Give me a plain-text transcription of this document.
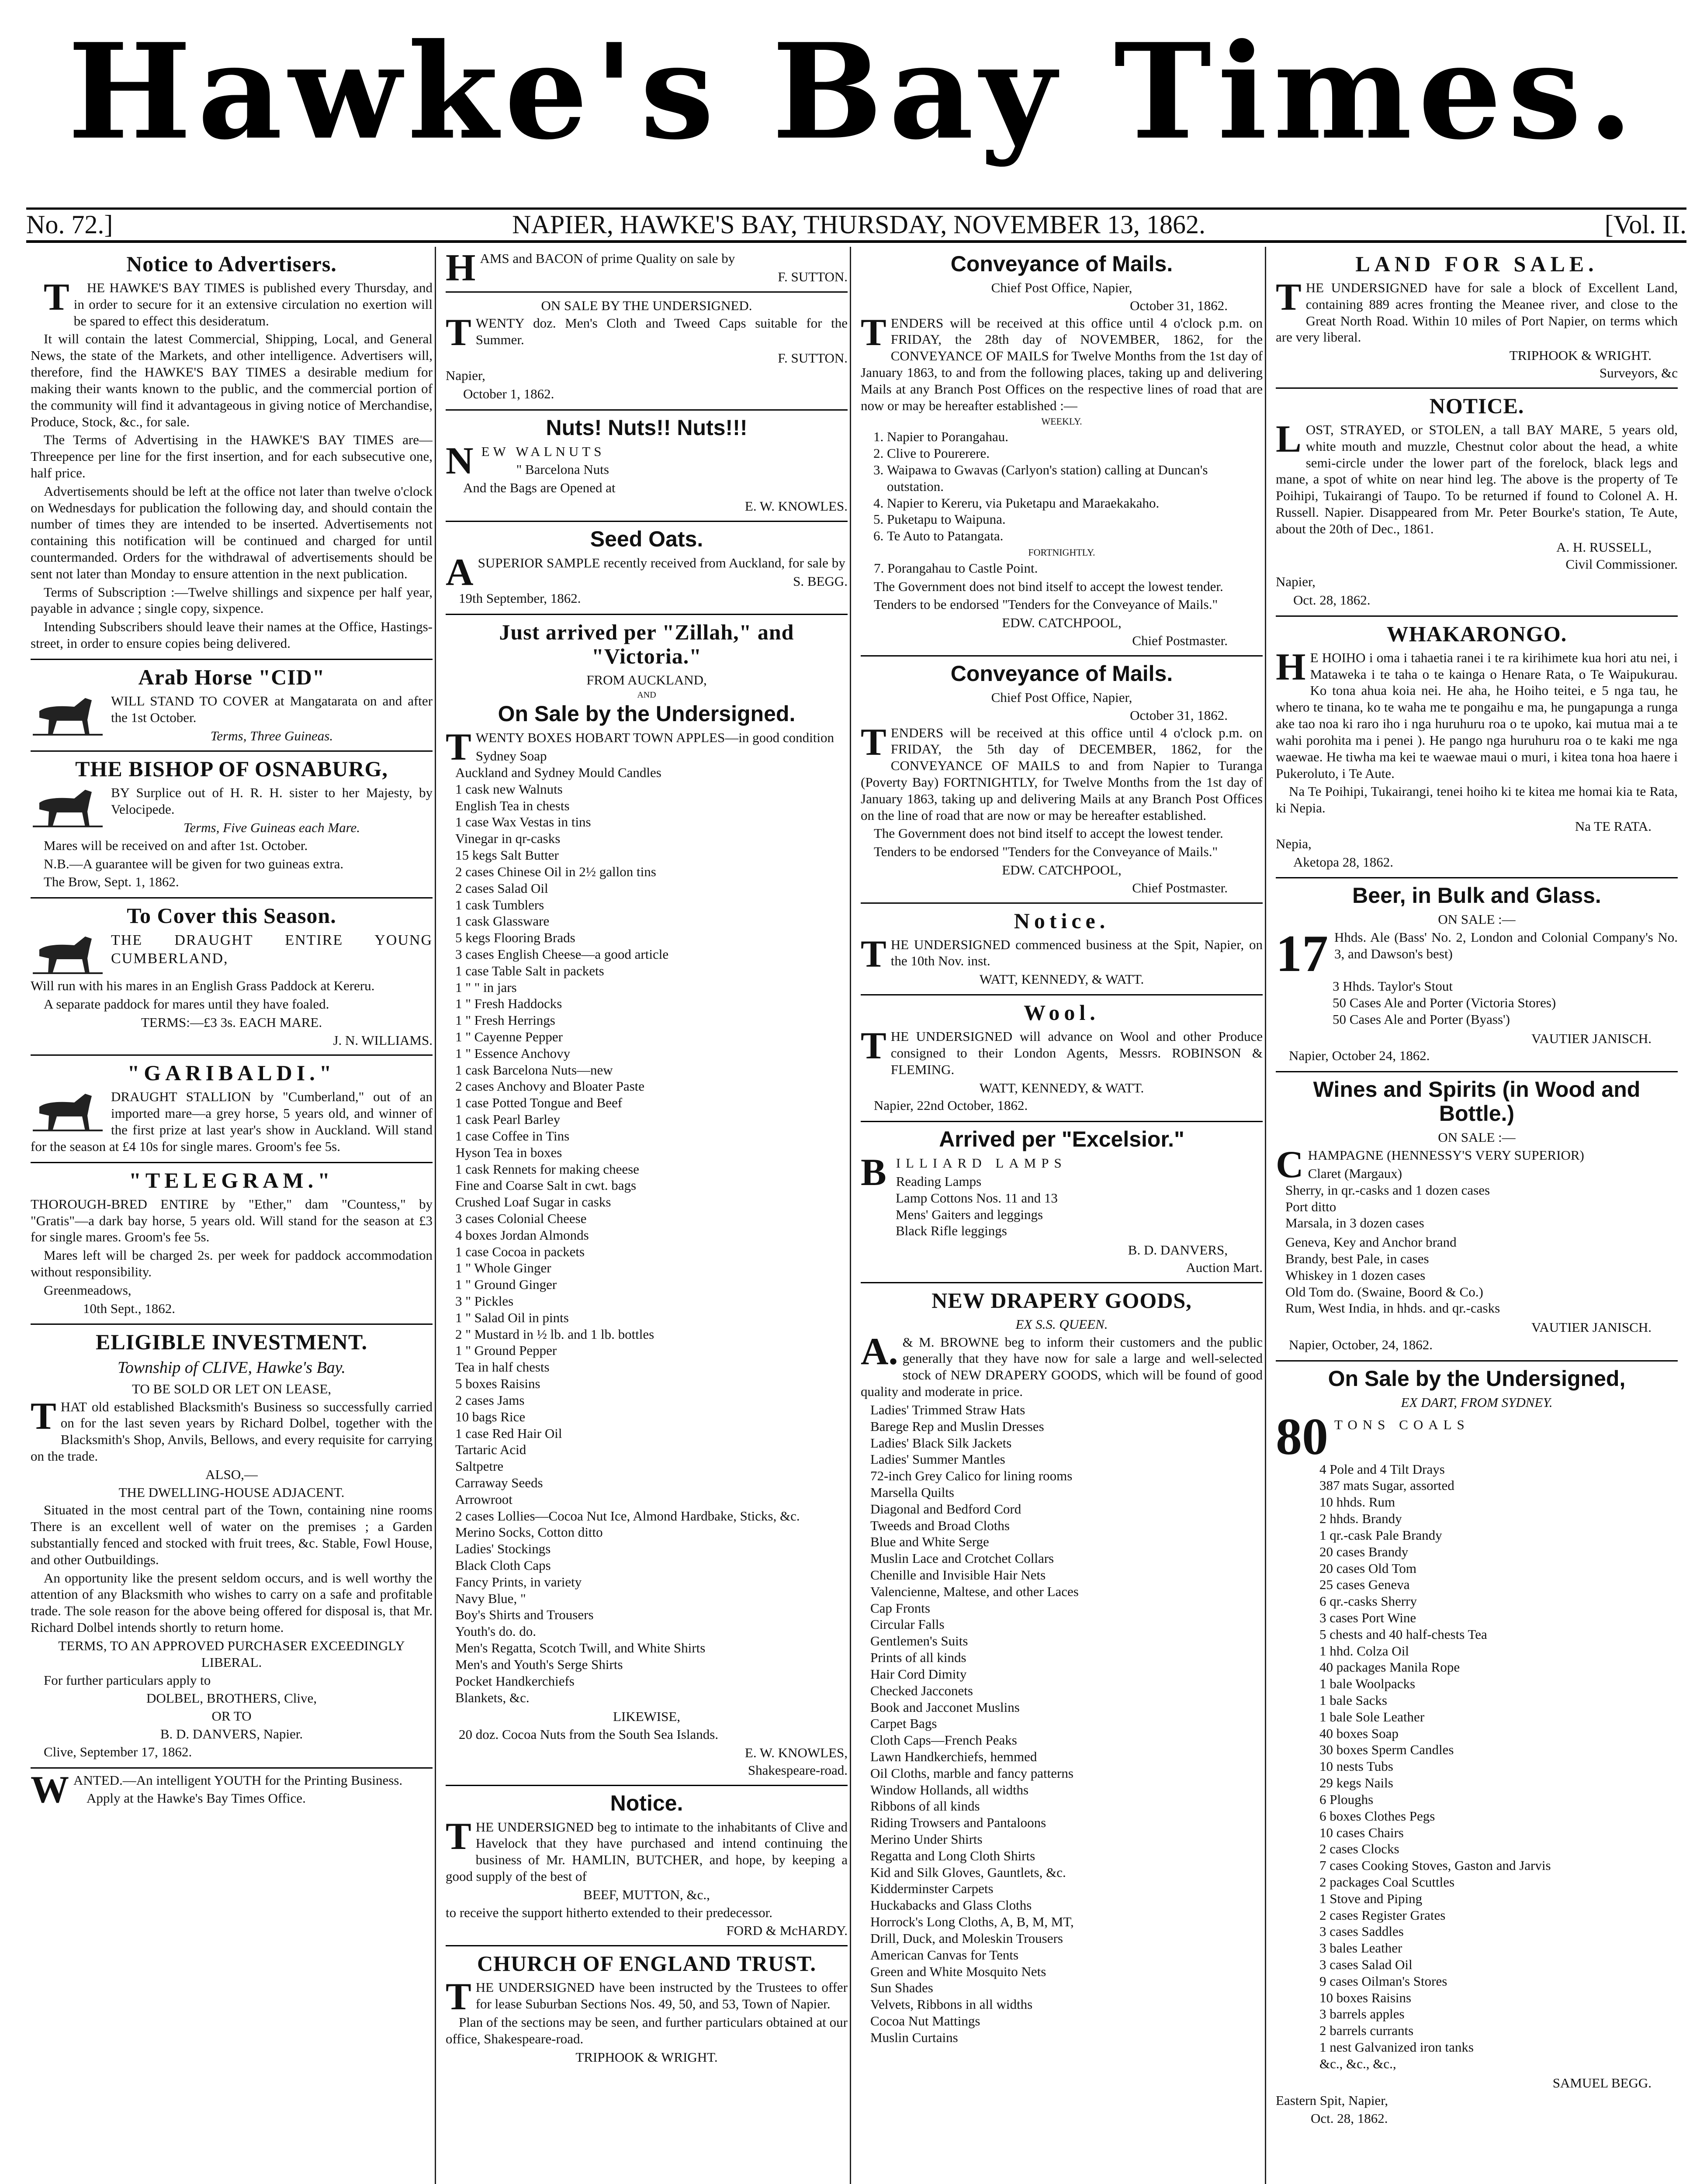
Hawke's Bay Times.
No. 72.]	NAPIER, HAWKE'S BAY, THURSDAY, NOVEMBER 13, 1862.	[Vol. II.
Notice to Advertisers.

THE HAWKE'S BAY TIMES is published every Thursday, and in order to secure for it an extensive circulation no exertion will be spared to effect this desideratum.

It will contain the latest Commercial, Shipping, Local, and General News, the state of the Markets, and other intelligence. Advertisers will, therefore, find the HAWKE'S BAY TIMES a desirable medium for making their wants known to the public, and the commercial portion of the community will find it advantageous in giving notice of Merchandise, Produce, Stock, &c., for sale.

The Terms of Advertising in the HAWKE'S BAY TIMES are—Threepence per line for the first insertion, and for each subsecutive one, half price.

Advertisements should be left at the office not later than twelve o'clock on Wednesdays for publication the following day, and should contain the number of times they are intended to be inserted. Advertisements not containing this notification will be continued and charged for until countermanded. Orders for the withdrawal of advertisements should be sent not later than Monday to ensure attention in the next publication.

Terms of Subscription :—Twelve shillings and sixpence per half year, payable in advance ; single copy, sixpence.

Intending Subscribers should leave their names at the Office, Hastings-street, in order to ensure copies being delivered.

Arab Horse "CID"

WILL STAND TO COVER at Mangatarata on and after the 1st October.

Terms, Three Guineas.

THE BISHOP OF OSNABURG,

BY Surplice out of H. R. H. sister to her Majesty, by Velocipede.

Terms, Five Guineas each Mare.

Mares will be received on and after 1st. October.

N.B.—A guarantee will be given for two guineas extra.

The Brow, Sept. 1, 1862.

To Cover this Season.

THE DRAUGHT ENTIRE YOUNG CUMBERLAND,

Will run with his mares in an English Grass Paddock at Kereru.

A separate paddock for mares until they have foaled.

TERMS:—£3 3s. EACH MARE.

J. N. WILLIAMS.

"GARIBALDI."

DRAUGHT STALLION by "Cumberland," out of an imported mare—a grey horse, 5 years old, and winner of the first prize at last year's show in Auckland. Will stand for the season at £4 10s for single mares. Groom's fee 5s.

"TELEGRAM."

THOROUGH-BRED ENTIRE by "Ether," dam "Countess," by "Gratis"—a dark bay horse, 5 years old. Will stand for the season at £3 for single mares. Groom's fee 5s.

Mares left will be charged 2s. per week for paddock accommodation without responsibility.

Greenmeadows,

10th Sept., 1862.

ELIGIBLE INVESTMENT.
Township of CLIVE, Hawke's Bay.

TO BE SOLD OR LET ON LEASE,

THAT old established Blacksmith's Business so successfully carried on for the last seven years by Richard Dolbel, together with the Blacksmith's Shop, Anvils, Bellows, and every requisite for carrying on the trade.

ALSO,—

THE DWELLING-HOUSE ADJACENT.

Situated in the most central part of the Town, containing nine rooms There is an excellent well of water on the premises ; a Garden substantially fenced and stocked with fruit trees, &c. Stable, Fowl House, and other Outbuildings.

An opportunity like the present seldom occurs, and is well worthy the attention of any Blacksmith who wishes to carry on a safe and profitable trade. The sole reason for the above being offered for disposal is, that Mr. Richard Dolbel intends shortly to return home.

TERMS, TO AN APPROVED PURCHASER EXCEEDINGLY LIBERAL.

For further particulars apply to

DOLBEL, BROTHERS, Clive,

OR TO

B. D. DANVERS, Napier.

Clive, September 17, 1862.

WANTED.—An intelligent YOUTH for the Printing Business.

Apply at the Hawke's Bay Times Office.

HAMS and BACON of prime Quality on sale by

F. SUTTON.

ON SALE BY THE UNDERSIGNED.

TWENTY doz. Men's Cloth and Tweed Caps suitable for the Summer.

F. SUTTON.

Napier,

October 1, 1862.

Nuts! Nuts!! Nuts!!!

NEW WALNUTS

" Barcelona Nuts

And the Bags are Opened at

E. W. KNOWLES.

Seed Oats.

ASUPERIOR SAMPLE recently received from Auckland, for sale by

S. BEGG.

19th September, 1862.

Just arrived per "Zillah," and "Victoria."

FROM AUCKLAND,

AND

On Sale by the Undersigned.

TWENTY BOXES HOBART TOWN APPLES—in good condition

Sydney Soap
Auckland and Sydney Mould Candles
1 cask new Walnuts
English Tea in chests
1 case Wax Vestas in tins
Vinegar in qr-casks
15 kegs Salt Butter
2 cases Chinese Oil in 2½ gallon tins
2 cases Salad Oil
1 cask Tumblers
1 cask Glassware
5 kegs Flooring Brads
3 cases English Cheese—a good article
1 case Table Salt in packets
1 " " in jars
1 " Fresh Haddocks
1 " Fresh Herrings
1 " Cayenne Pepper
1 " Essence Anchovy
1 cask Barcelona Nuts—new
2 cases Anchovy and Bloater Paste
1 case Potted Tongue and Beef
1 cask Pearl Barley
1 case Coffee in Tins
Hyson Tea in boxes
1 cask Rennets for making cheese
Fine and Coarse Salt in cwt. bags
Crushed Loaf Sugar in casks
3 cases Colonial Cheese
4 boxes Jordan Almonds
1 case Cocoa in packets
1 " Whole Ginger
1 " Ground Ginger
3 " Pickles
1 " Salad Oil in pints
2 " Mustard in ½ lb. and 1 lb. bottles
1 " Ground Pepper
Tea in half chests
5 boxes Raisins
2 cases Jams
10 bags Rice
1 case Red Hair Oil
Tartaric Acid
Saltpetre
Carraway Seeds
Arrowroot
2 cases Lollies—Cocoa Nut Ice, Almond Hardbake, Sticks, &c.
Merino Socks, Cotton ditto
Ladies' Stockings
Black Cloth Caps
Fancy Prints, in variety
Navy Blue, "
Boy's Shirts and Trousers
Youth's do. do.
Men's Regatta, Scotch Twill, and White Shirts
Men's and Youth's Serge Shirts
Pocket Handkerchiefs
Blankets, &c.

LIKEWISE,

20 doz. Cocoa Nuts from the South Sea Islands.

E. W. KNOWLES,

Shakespeare-road.

Notice.

THE UNDERSIGNED beg to intimate to the inhabitants of Clive and Havelock that they have purchased and intend continuing the business of Mr. HAMLIN, BUTCHER, and hope, by keeping a good supply of the best of

BEEF, MUTTON, &c.,

to receive the support hitherto extended to their predecessor.

FORD & McHARDY.

CHURCH OF ENGLAND TRUST.

THE UNDERSIGNED have been instructed by the Trustees to offer for lease Suburban Sections Nos. 49, 50, and 53, Town of Napier.

Plan of the sections may be seen, and further particulars obtained at our office, Shakespeare-road.

TRIPHOOK & WRIGHT.

Conveyance of Mails.

Chief Post Office, Napier,

October 31, 1862.

TENDERS will be received at this office until 4 o'clock p.m. on FRIDAY, the 28th day of NOVEMBER, 1862, for the CONVEYANCE OF MAILS for Twelve Months from the 1st day of January 1863, to and from the following places, taking up and delivering Mails at any Branch Post Offices on the respective lines of road that are now or may be hereafter established :—

WEEKLY.

1. Napier to Porangahau.
2. Clive to Pourerere.
3. Waipawa to Gwavas (Carlyon's station) calling at Duncan's outstation.
4. Napier to Kereru, via Puketapu and Maraekakaho.
5. Puketapu to Waipuna.
6. Te Auto to Patangata.

FORTNIGHTLY.

7. Porangahau to Castle Point.

The Government does not bind itself to accept the lowest tender.

Tenders to be endorsed "Tenders for the Conveyance of Mails."

EDW. CATCHPOOL,

Chief Postmaster.

Conveyance of Mails.

Chief Post Office, Napier,

October 31, 1862.

TENDERS will be received at this office until 4 o'clock p.m. on FRIDAY, the 5th day of DECEMBER, 1862, for the CONVEYANCE OF MAILS to and from Napier to Turanga (Poverty Bay) FORTNIGHTLY, for Twelve Months from the 1st day of January 1863, taking up and delivering Mails at any Branch Post Offices on the line of road that are now or may be hereafter established.

The Government does not bind itself to accept the lowest tender.

Tenders to be endorsed "Tenders for the Conveyance of Mails."

EDW. CATCHPOOL,

Chief Postmaster.

Notice.

THE UNDERSIGNED commenced business at the Spit, Napier, on the 10th Nov. inst.

WATT, KENNEDY, & WATT.

Wool.

THE UNDERSIGNED will advance on Wool and other Produce consigned to their London Agents, Messrs. ROBINSON & FLEMING.

WATT, KENNEDY, & WATT.

Napier, 22nd October, 1862.

Arrived per "Excelsior."

BILLIARD LAMPS

Reading Lamps
Lamp Cottons Nos. 11 and 13
Mens' Gaiters and leggings
Black Rifle leggings

B. D. DANVERS,

Auction Mart.

NEW DRAPERY GOODS,

EX S.S. QUEEN.

A.& M. BROWNE beg to inform their customers and the public generally that they have now for sale a large and well-selected stock of NEW DRAPERY GOODS, which will be found of good quality and moderate in price.

Ladies' Trimmed Straw Hats
Barege Rep and Muslin Dresses
Ladies' Black Silk Jackets
Ladies' Summer Mantles
72-inch Grey Calico for lining rooms
Marsella Quilts
Diagonal and Bedford Cord
Tweeds and Broad Cloths
Blue and White Serge
Muslin Lace and Crotchet Collars
Chenille and Invisible Hair Nets
Valencienne, Maltese, and other Laces
Cap Fronts
Circular Falls
Gentlemen's Suits
Prints of all kinds
Hair Cord Dimity
Checked Jacconets
Book and Jacconet Muslins
Carpet Bags
Cloth Caps—French Peaks
Lawn Handkerchiefs, hemmed
Oil Cloths, marble and fancy patterns
Window Hollands, all widths
Ribbons of all kinds
Riding Trowsers and Pantaloons
Merino Under Shirts
Regatta and Long Cloth Shirts
Kid and Silk Gloves, Gauntlets, &c.
Kidderminster Carpets
Huckabacks and Glass Cloths
Horrock's Long Cloths, A, B, M, MT,
Drill, Duck, and Moleskin Trousers
American Canvas for Tents
Green and White Mosquito Nets
Sun Shades
Velvets, Ribbons in all widths
Cocoa Nut Mattings
Muslin Curtains
LAND FOR SALE.

THE UNDERSIGNED have for sale a block of Excellent Land, containing 889 acres fronting the Meanee river, and close to the Great North Road. Within 10 miles of Port Napier, on terms which are very liberal.

TRIPHOOK & WRIGHT.

Surveyors, &c

NOTICE.

LOST, STRAYED, or STOLEN, a tall BAY MARE, 5 years old, white mouth and muzzle, Chestnut color about the head, a white semi-circle under the lower part of the forelock, black legs and mane, a spot of white on near hind leg. The above is the property of Te Poihipi, Tukairangi of Taupo. To be returned if found to Colonel A. H. Russell. Napier. Disappeared from Mr. Peter Bourke's station, Te Aute, about the 20th of Dec., 1861.

A. H. RUSSELL,

Civil Commissioner.

Napier,

Oct. 28, 1862.

WHAKARONGO.

HE HOIHO i oma i tahaetia ranei i te ra kirihimete kua hori atu nei, i Mataweka i te taha o te kainga o Henare Rata, o Te Waipukurau. Ko tona ahua koia nei. He aha, he Hoiho teitei, e 5 nga tau, he whero te tinana, ko te waha me te pongaihu e ma, he pungapunga a runga ake tao noa ki raro iho i nga huruhuru roa o te upoko, kai mutua mai a te wahi porohita ma i penei ). He pango nga huruhuru roa o te kaki me nga waewae. He tiwha ma kei te waewae maui o muri, i kitea tona hoa haere i Pukeroluto, i Te Aute.

Na Te Poihipi, Tukairangi, tenei hoiho ki te kitea me homai kia te Rata, ki Nepia.

Na TE RATA.

Nepia,

Aketopa 28, 1862.

Beer, in Bulk and Glass.

ON SALE :—

17 Hhds. Ale (Bass' No. 2, London and Colonial Company's No. 3, and Dawson's best)

3 Hhds. Taylor's Stout
50 Cases Ale and Porter (Victoria Stores)
50 Cases Ale and Porter (Byass')

VAUTIER JANISCH.

Napier, October 24, 1862.

Wines and Spirits (in Wood and Bottle.)

ON SALE :—

CHAMPAGNE (HENNESSY'S VERY SUPERIOR)

Claret (Margaux)
Sherry, in qr.-casks and 1 dozen cases
Port ditto
Marsala, in 3 dozen cases
Geneva, Key and Anchor brand
Brandy, best Pale, in cases
Whiskey in 1 dozen cases
Old Tom do. (Swaine, Boord & Co.)
Rum, West India, in hhds. and qr.-casks

VAUTIER JANISCH.

Napier, October, 24, 1862.

On Sale by the Undersigned,

EX DART, FROM SYDNEY.

80 TONS COALS

4 Pole and 4 Tilt Drays
387 mats Sugar, assorted
10 hhds. Rum
2 hhds. Brandy
1 qr.-cask Pale Brandy
20 cases Brandy
20 cases Old Tom
25 cases Geneva
6 qr.-casks Sherry
3 cases Port Wine
5 chests and 40 half-chests Tea
1 hhd. Colza Oil
40 packages Manila Rope
1 bale Woolpacks
1 bale Sacks
1 bale Sole Leather
40 boxes Soap
30 boxes Sperm Candles
10 nests Tubs
29 kegs Nails
6 Ploughs
6 boxes Clothes Pegs
10 cases Chairs
2 cases Clocks
7 cases Cooking Stoves, Gaston and Jarvis
2 packages Coal Scuttles
1 Stove and Piping
2 cases Register Grates
3 cases Saddles
3 bales Leather
3 cases Salad Oil
9 cases Oilman's Stores
10 boxes Raisins
3 barrels apples
2 barrels currants
1 nest Galvanized iron tanks
&c., &c., &c.,

SAMUEL BEGG.

Eastern Spit, Napier,

Oct. 28, 1862.
